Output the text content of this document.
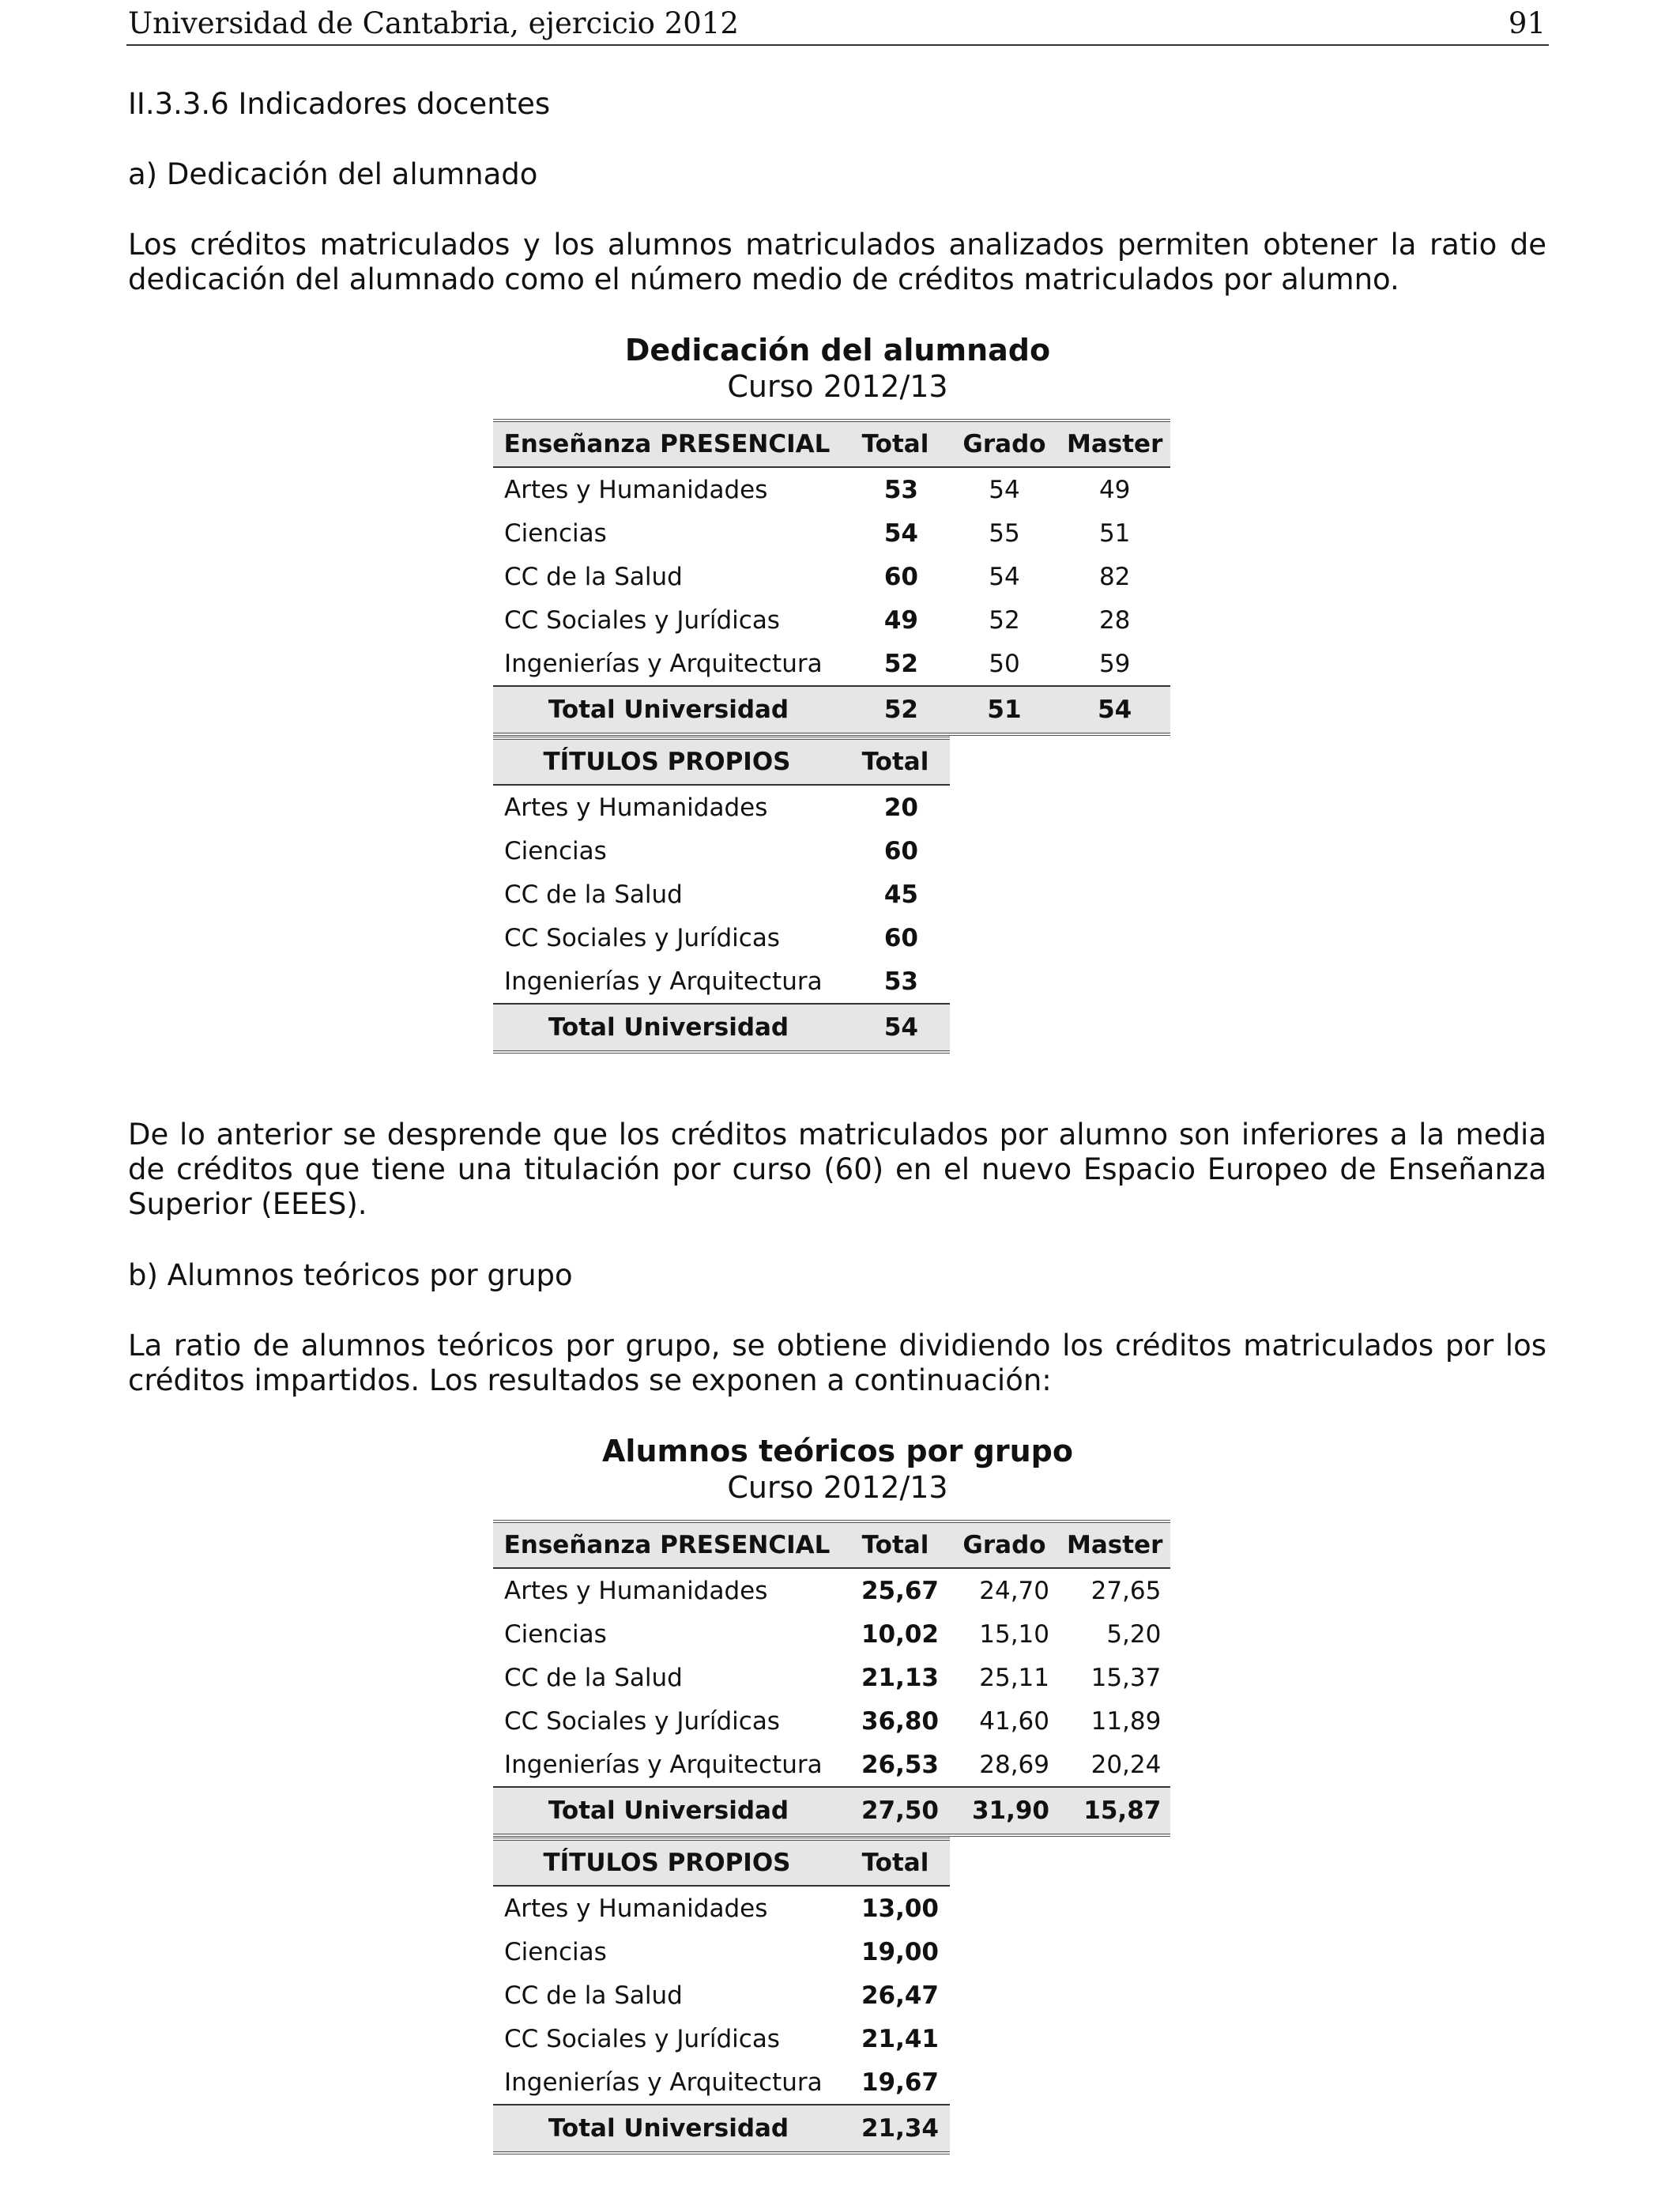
Universidad de Cantabria, ejercicio 2012	91
II.3.3.6 Indicadores docentes
a) Dedicación del alumnado
Los créditos matriculados y los alumnos matriculados analizados permiten obtener la ratio de dedicación del alumnado como el número medio de créditos matriculados por alumno.
Dedicación del alumnado
Curso 2012/13
Enseñanza PRESENCIAL	Total	Grado	Master
Artes y Humanidades	53	54	49
Ciencias	54	55	51
CC de la Salud	60	54	82
CC Sociales y Jurídicas	49	52	28
Ingenierías y Arquitectura	52	50	59
Total Universidad	52	51	54
TÍTULOS PROPIOS	Total
Artes y Humanidades	20
Ciencias	60
CC de la Salud	45
CC Sociales y Jurídicas	60
Ingenierías y Arquitectura	53
Total Universidad	54
De lo anterior se desprende que los créditos matriculados por alumno son inferiores a la media de créditos que tiene una titulación por curso (60) en el nuevo Espacio Europeo de Enseñanza Superior (EEES).
b) Alumnos teóricos por grupo
La ratio de alumnos teóricos por grupo, se obtiene dividiendo los créditos matriculados por los créditos impartidos. Los resultados se exponen a continuación:
Alumnos teóricos por grupo
Curso 2012/13
Enseñanza PRESENCIAL	Total	Grado	Master
Artes y Humanidades	25,67	24,70	27,65
Ciencias	10,02	15,10	5,20
CC de la Salud	21,13	25,11	15,37
CC Sociales y Jurídicas	36,80	41,60	11,89
Ingenierías y Arquitectura	26,53	28,69	20,24
Total Universidad	27,50	31,90	15,87
TÍTULOS PROPIOS	Total
Artes y Humanidades	13,00
Ciencias	19,00
CC de la Salud	26,47
CC Sociales y Jurídicas	21,41
Ingenierías y Arquitectura	19,67
Total Universidad	21,34
